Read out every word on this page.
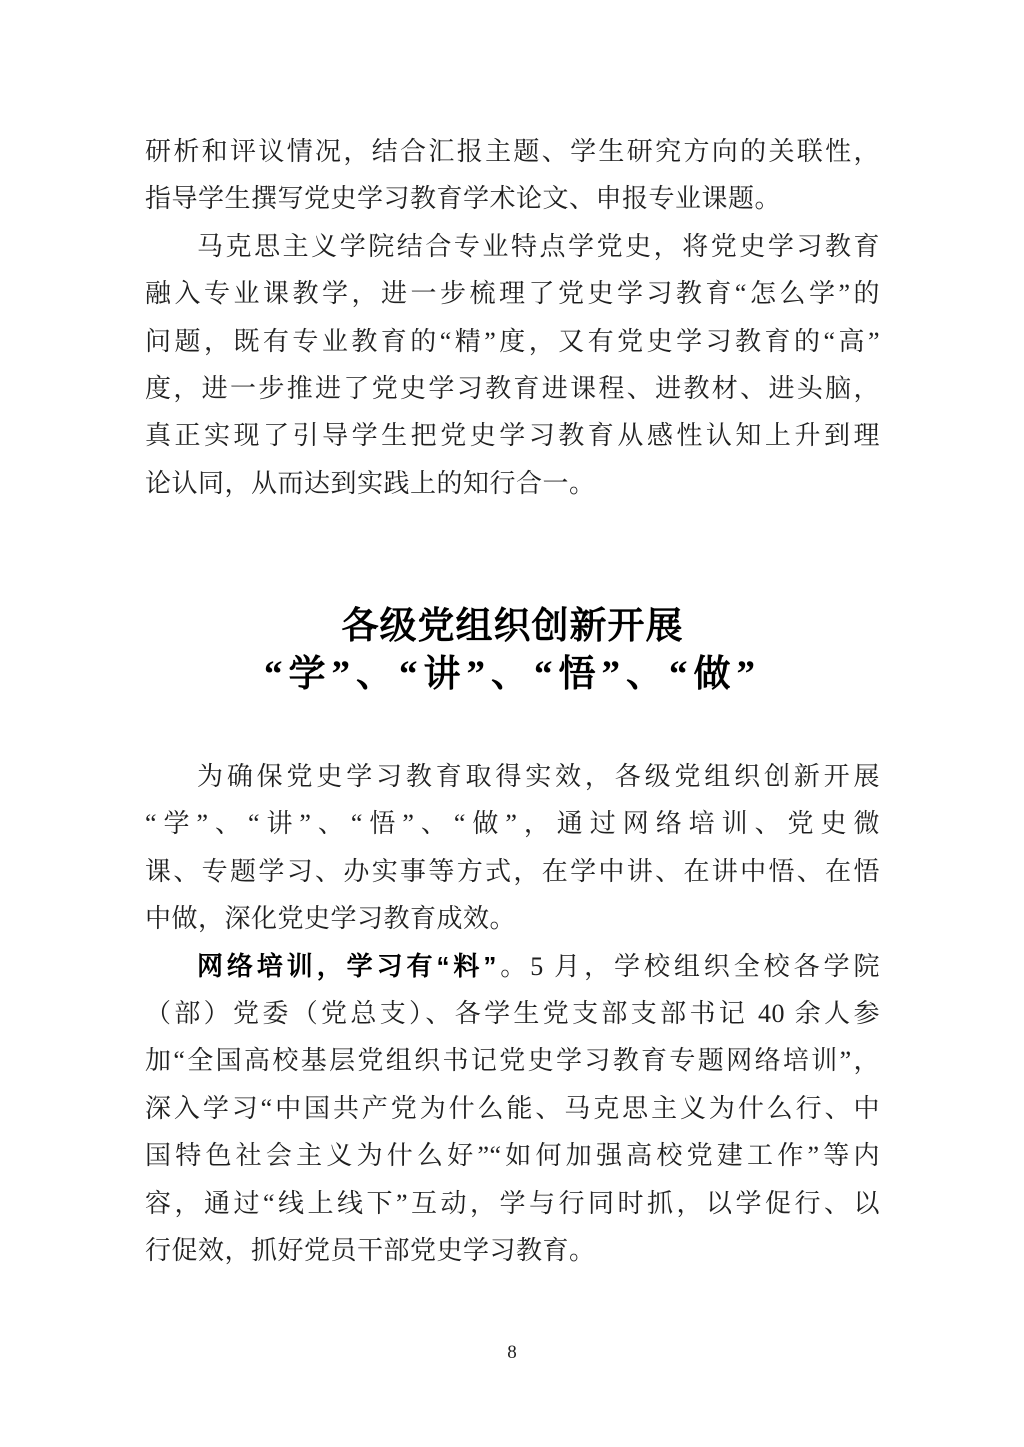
研析和评议情况，结合汇报主题、学生研究方向的关联性，
指导学生撰写党史学习教育学术论文、申报专业课题。
马克思主义学院结合专业特点学党史，将党史学习教育
融入专业课教学，进一步梳理了党史学习教育“怎么学”的
问题，既有专业教育的“精”度，又有党史学习教育的“高”
度，进一步推进了党史学习教育进课程、进教材、进头脑，
真正实现了引导学生把党史学习教育从感性认知上升到理
论认同，从而达到实践上的知行合一。
各级党组织创新开展
“学”、“讲”、“悟”、“做”
为确保党史学习教育取得实效，各级党组织创新开展
“学”、“讲”、“悟”、“做”，通过网络培训、党史微
课、专题学习、办实事等方式，在学中讲、在讲中悟、在悟
中做，深化党史学习教育成效。
网络培训，学习有“料”。5 月，学校组织全校各学院
（部）党委（党总支）、各学生党支部支部书记 40 余人参
加“全国高校基层党组织书记党史学习教育专题网络培训”，
深入学习“中国共产党为什么能、马克思主义为什么行、中
国特色社会主义为什么好”“如何加强高校党建工作”等内
容，通过“线上线下”互动，学与行同时抓，以学促行、以
行促效，抓好党员干部党史学习教育。
8
